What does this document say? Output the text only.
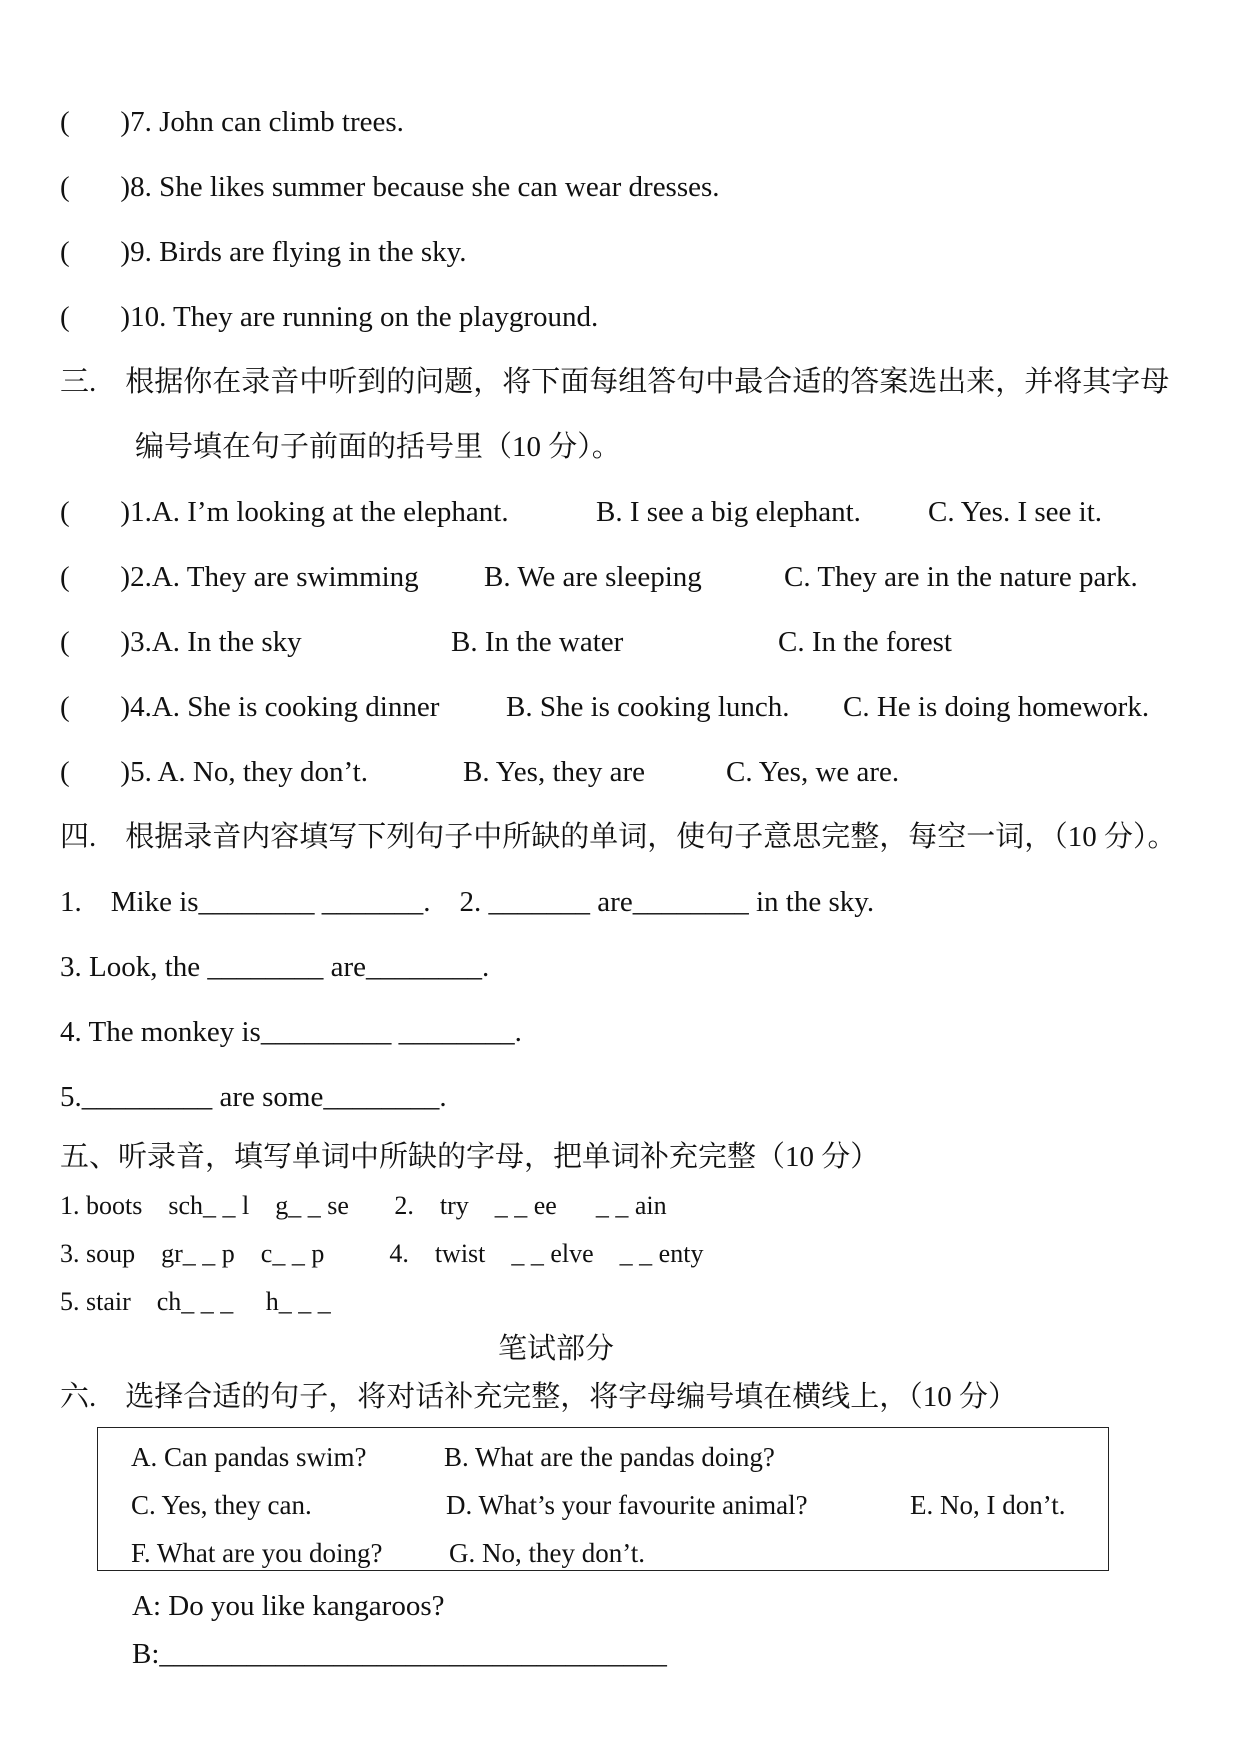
(       )7. John can climb trees.
(       )8. She likes summer because she can wear dresses.
(       )9. Birds are flying in the sky.
(       )10. They are running on the playground.
三.    根据你在录音中听到的问题，将下面每组答句中最合适的答案选出来，并将其字母
编号填在句子前面的括号里（10 分）。
(       )1.A. I’m looking at the elephant.	B. I see a big elephant. C. Yes. I see it.
(       )2.A. They are swimming B. We are sleeping	C. They are in the nature park.
(       )3.A. In the sky	B. In the water	C. In the forest
(       )4.A. She is cooking dinner B. She is cooking lunch. C. He is doing homework.
(       )5. A. No, they don’t.	B. Yes, they are	C. Yes, we are.
四.    根据录音内容填写下列句子中所缺的单词，使句子意思完整，每空一词，（10 分）。
1.    Mike is________ _______.    2. _______ are________ in the sky.
3. Look, the ________ are________.
4. The monkey is_________ ________.
5._________ are some________.
五、听录音，填写单词中所缺的字母，把单词补充完整（10 分）
1. boots    sch_ _ l    g_ _ se       2.    try    _ _ ee      _ _ ain
3. soup    gr_ _ p    c_ _ p          4.    twist    _ _ elve    _ _ enty
5. stair    ch_ _ _     h_ _ _
笔试部分
六.    选择合适的句子，将对话补充完整，将字母编号填在横线上，（10 分）
A. Can pandas swim?	B. What are the pandas doing?
C. Yes, they can.	D. What’s your favourite animal?	E. No, I don’t.
F. What are you doing? G. No, they don’t.
A: Do you like kangaroos?
B:___________________________________
